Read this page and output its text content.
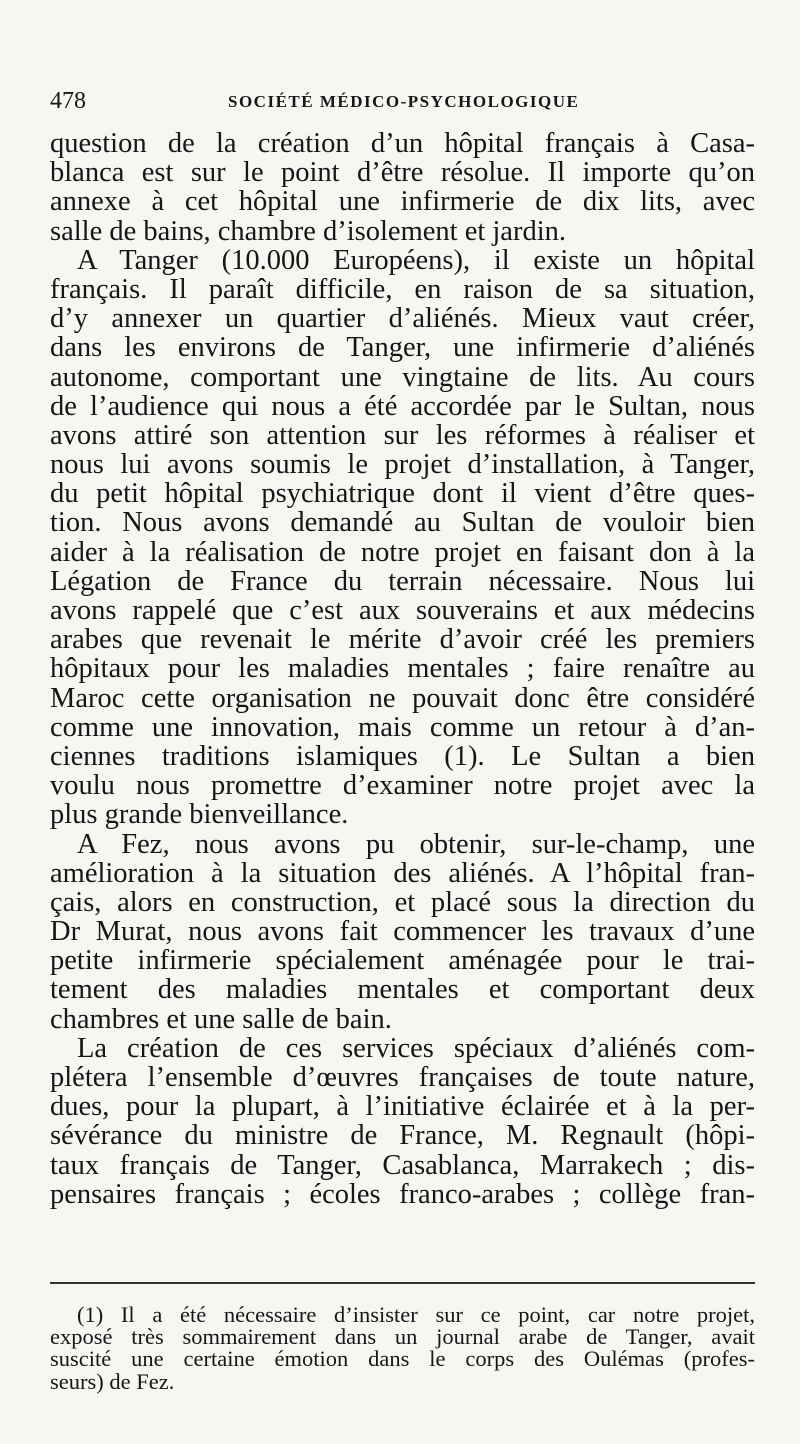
478	SOCIÉTÉ MÉDICO-PSYCHOLOGIQUE
question de la création d’un hôpital français à Casa-
blanca est sur le point d’être résolue. Il importe qu’on
annexe à cet hôpital une infirmerie de dix lits, avec
salle de bains, chambre d’isolement et jardin.
A Tanger (10.000 Européens), il existe un hôpital
français. Il paraît difficile, en raison de sa situation,
d’y annexer un quartier d’aliénés. Mieux vaut créer,
dans les environs de Tanger, une infirmerie d’aliénés
autonome, comportant une vingtaine de lits. Au cours
de l’audience qui nous a été accordée par le Sultan, nous
avons attiré son attention sur les réformes à réaliser et
nous lui avons soumis le projet d’installation, à Tanger,
du petit hôpital psychiatrique dont il vient d’être ques-
tion. Nous avons demandé au Sultan de vouloir bien
aider à la réalisation de notre projet en faisant don à la
Légation de France du terrain nécessaire. Nous lui
avons rappelé que c’est aux souverains et aux médecins
arabes que revenait le mérite d’avoir créé les premiers
hôpitaux pour les maladies mentales ; faire renaître au
Maroc cette organisation ne pouvait donc être considéré
comme une innovation, mais comme un retour à d’an-
ciennes traditions islamiques (1). Le Sultan a bien
voulu nous promettre d’examiner notre projet avec la
plus grande bienveillance.
A Fez, nous avons pu obtenir, sur-le-champ, une
amélioration à la situation des aliénés. A l’hôpital fran-
çais, alors en construction, et placé sous la direction du
Dr Murat, nous avons fait commencer les travaux d’une
petite infirmerie spécialement aménagée pour le trai-
tement des maladies mentales et comportant deux
chambres et une salle de bain.
La création de ces services spéciaux d’aliénés com-
plétera l’ensemble d’œuvres françaises de toute nature,
dues, pour la plupart, à l’initiative éclairée et à la per-
sévérance du ministre de France, M. Regnault (hôpi-
taux français de Tanger, Casablanca, Marrakech ; dis-
pensaires français ; écoles franco-arabes ; collège fran-
(1) Il a été nécessaire d’insister sur ce point, car notre projet,
exposé très sommairement dans un journal arabe de Tanger, avait
suscité une certaine émotion dans le corps des Oulémas (profes-
seurs) de Fez.
